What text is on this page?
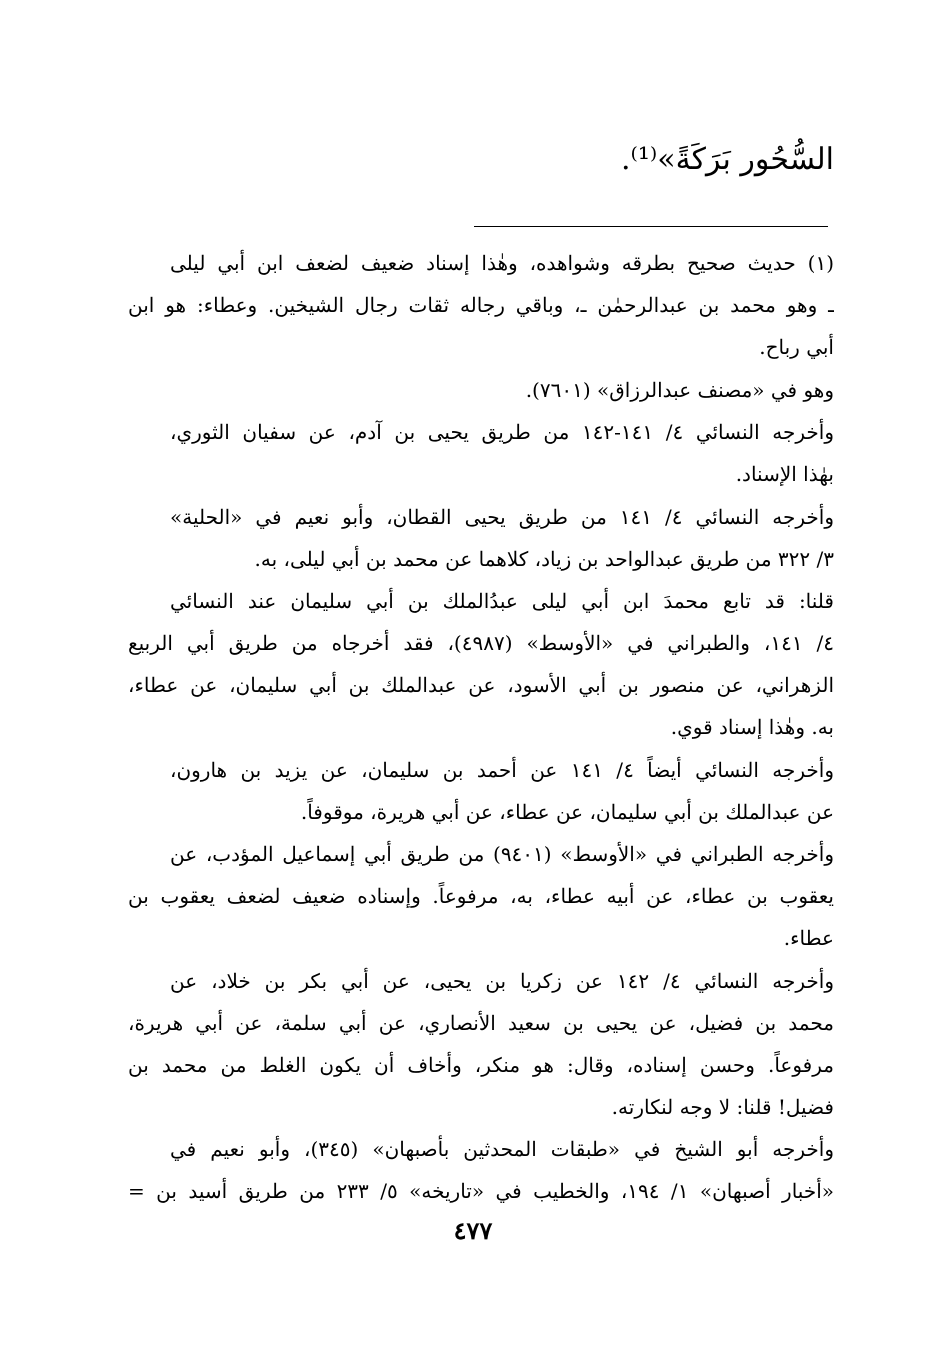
السُّحُور بَرَكَةً»⁽¹⁾.
(١) حديث صحيح بطرقه وشواهده، وهٰذا إسناد ضعيف لضعف ابن أبي ليلى
ـ وهو محمد بن عبدالرحمٰن ـ، وباقي رجاله ثقات رجال الشيخين. وعطاء: هو ابن
أبي رباح.
وهو في «مصنف عبدالرزاق» (٧٦٠١).
وأخرجه النسائي ٤/ ١٤١-١٤٢ من طريق يحيى بن آدم، عن سفيان الثوري،
بهٰذا الإسناد.
وأخرجه النسائي ٤/ ١٤١ من طريق يحيى القطان، وأبو نعيم في «الحلية»
٣/ ٣٢٢ من طريق عبدالواحد بن زياد، كلاهما عن محمد بن أبي ليلى، به.
قلنا: قد تابع محمدَ ابن أبي ليلى عبدُالملك بن أبي سليمان عند النسائي
٤/ ١٤١، والطبراني في «الأوسط» (٤٩٨٧)، فقد أخرجاه من طريق أبي الربيع
الزهراني، عن منصور بن أبي الأسود، عن عبدالملك بن أبي سليمان، عن عطاء،
به. وهٰذا إسناد قوي.
وأخرجه النسائي أيضاً ٤/ ١٤١ عن أحمد بن سليمان، عن يزيد بن هارون،
عن عبدالملك بن أبي سليمان، عن عطاء، عن أبي هريرة، موقوفاً.
وأخرجه الطبراني في «الأوسط» (٩٤٠١) من طريق أبي إسماعيل المؤدب، عن
يعقوب بن عطاء، عن أبيه عطاء، به، مرفوعاً. وإسناده ضعيف لضعف يعقوب بن
عطاء.
وأخرجه النسائي ٤/ ١٤٢ عن زكريا بن يحيى، عن أبي بكر بن خلاد، عن
محمد بن فضيل، عن يحيى بن سعيد الأنصاري، عن أبي سلمة، عن أبي هريرة،
مرفوعاً. وحسن إسناده، وقال: هو منكر، وأخاف أن يكون الغلط من محمد بن
فضيل! قلنا: لا وجه لنكارته.
وأخرجه أبو الشيخ في «طبقات المحدثين بأصبهان» (٣٤٥)، وأبو نعيم في
«أخبار أصبهان» ١/ ١٩٤، والخطيب في «تاريخه» ٥/ ٢٣٣ من طريق أسيد بن =
٤٧٧
